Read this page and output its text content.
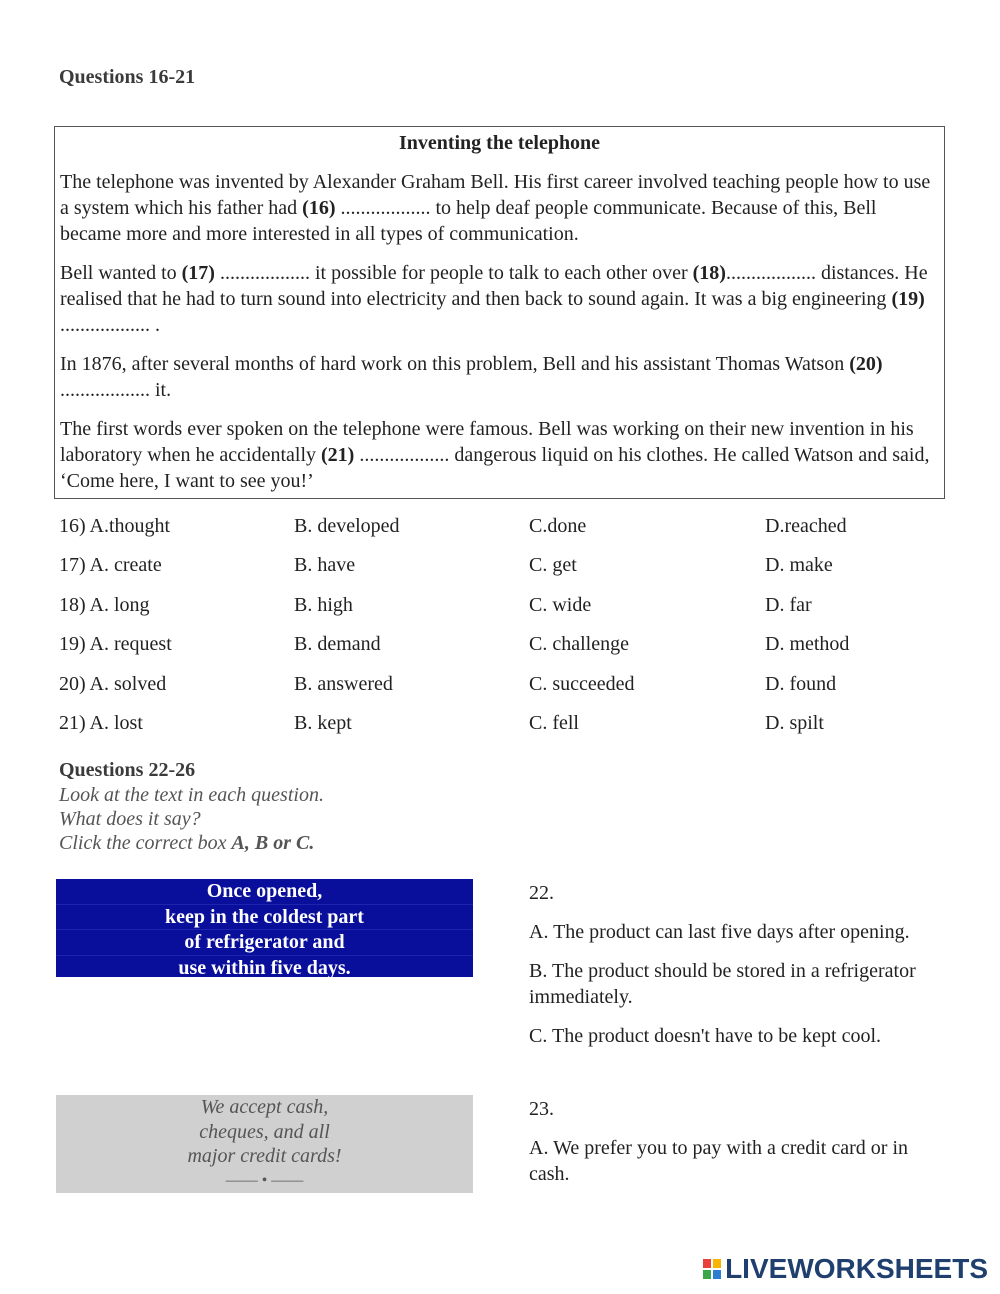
Questions 16-21
Inventing the telephone

The telephone was invented by Alexander Graham Bell. His first career involved teaching people how to use a system which his father had (16) .................. to help deaf people communicate. Because of this, Bell became more and more interested in all types of communication.

Bell wanted to (17) .................. it possible for people to talk to each other over (18).................. distances. He realised that he had to turn sound into electricity and then back to sound again. It was a big engineering (19) .................. .

In 1876, after several months of hard work on this problem, Bell and his assistant Thomas Watson (20) .................. it.

The first words ever spoken on the telephone were famous. Bell was working on their new invention in his laboratory when he accidentally (21) .................. dangerous liquid on his clothes. He called Watson and said, ‘Come here, I want to see you!’

16) A.thought	B. developed	C.done	D.reached
17) A. create	B. have	C. get	D. make
18) A. long	B. high	C. wide	D. far
19) A. request	B. demand	C. challenge	D. method
20) A. solved	B. answered	C. succeeded	D. found
21) A. lost	B. kept	C. fell	D. spilt
Questions 22-26
Look at the text in each question.
What does it say?
Click the correct box A, B or C.
Once opened,
keep in the coldest part
of refrigerator and
use within five days.
22.
A. The product can last five days after opening.
B. The product should be stored in a refrigerator immediately.
C. The product doesn't have to be kept cool.
We accept cash,
cheques, and all
major credit cards!
—— • ——
23.
A. We prefer you to pay with a credit card or in cash.
LIVEWORKSHEETS
